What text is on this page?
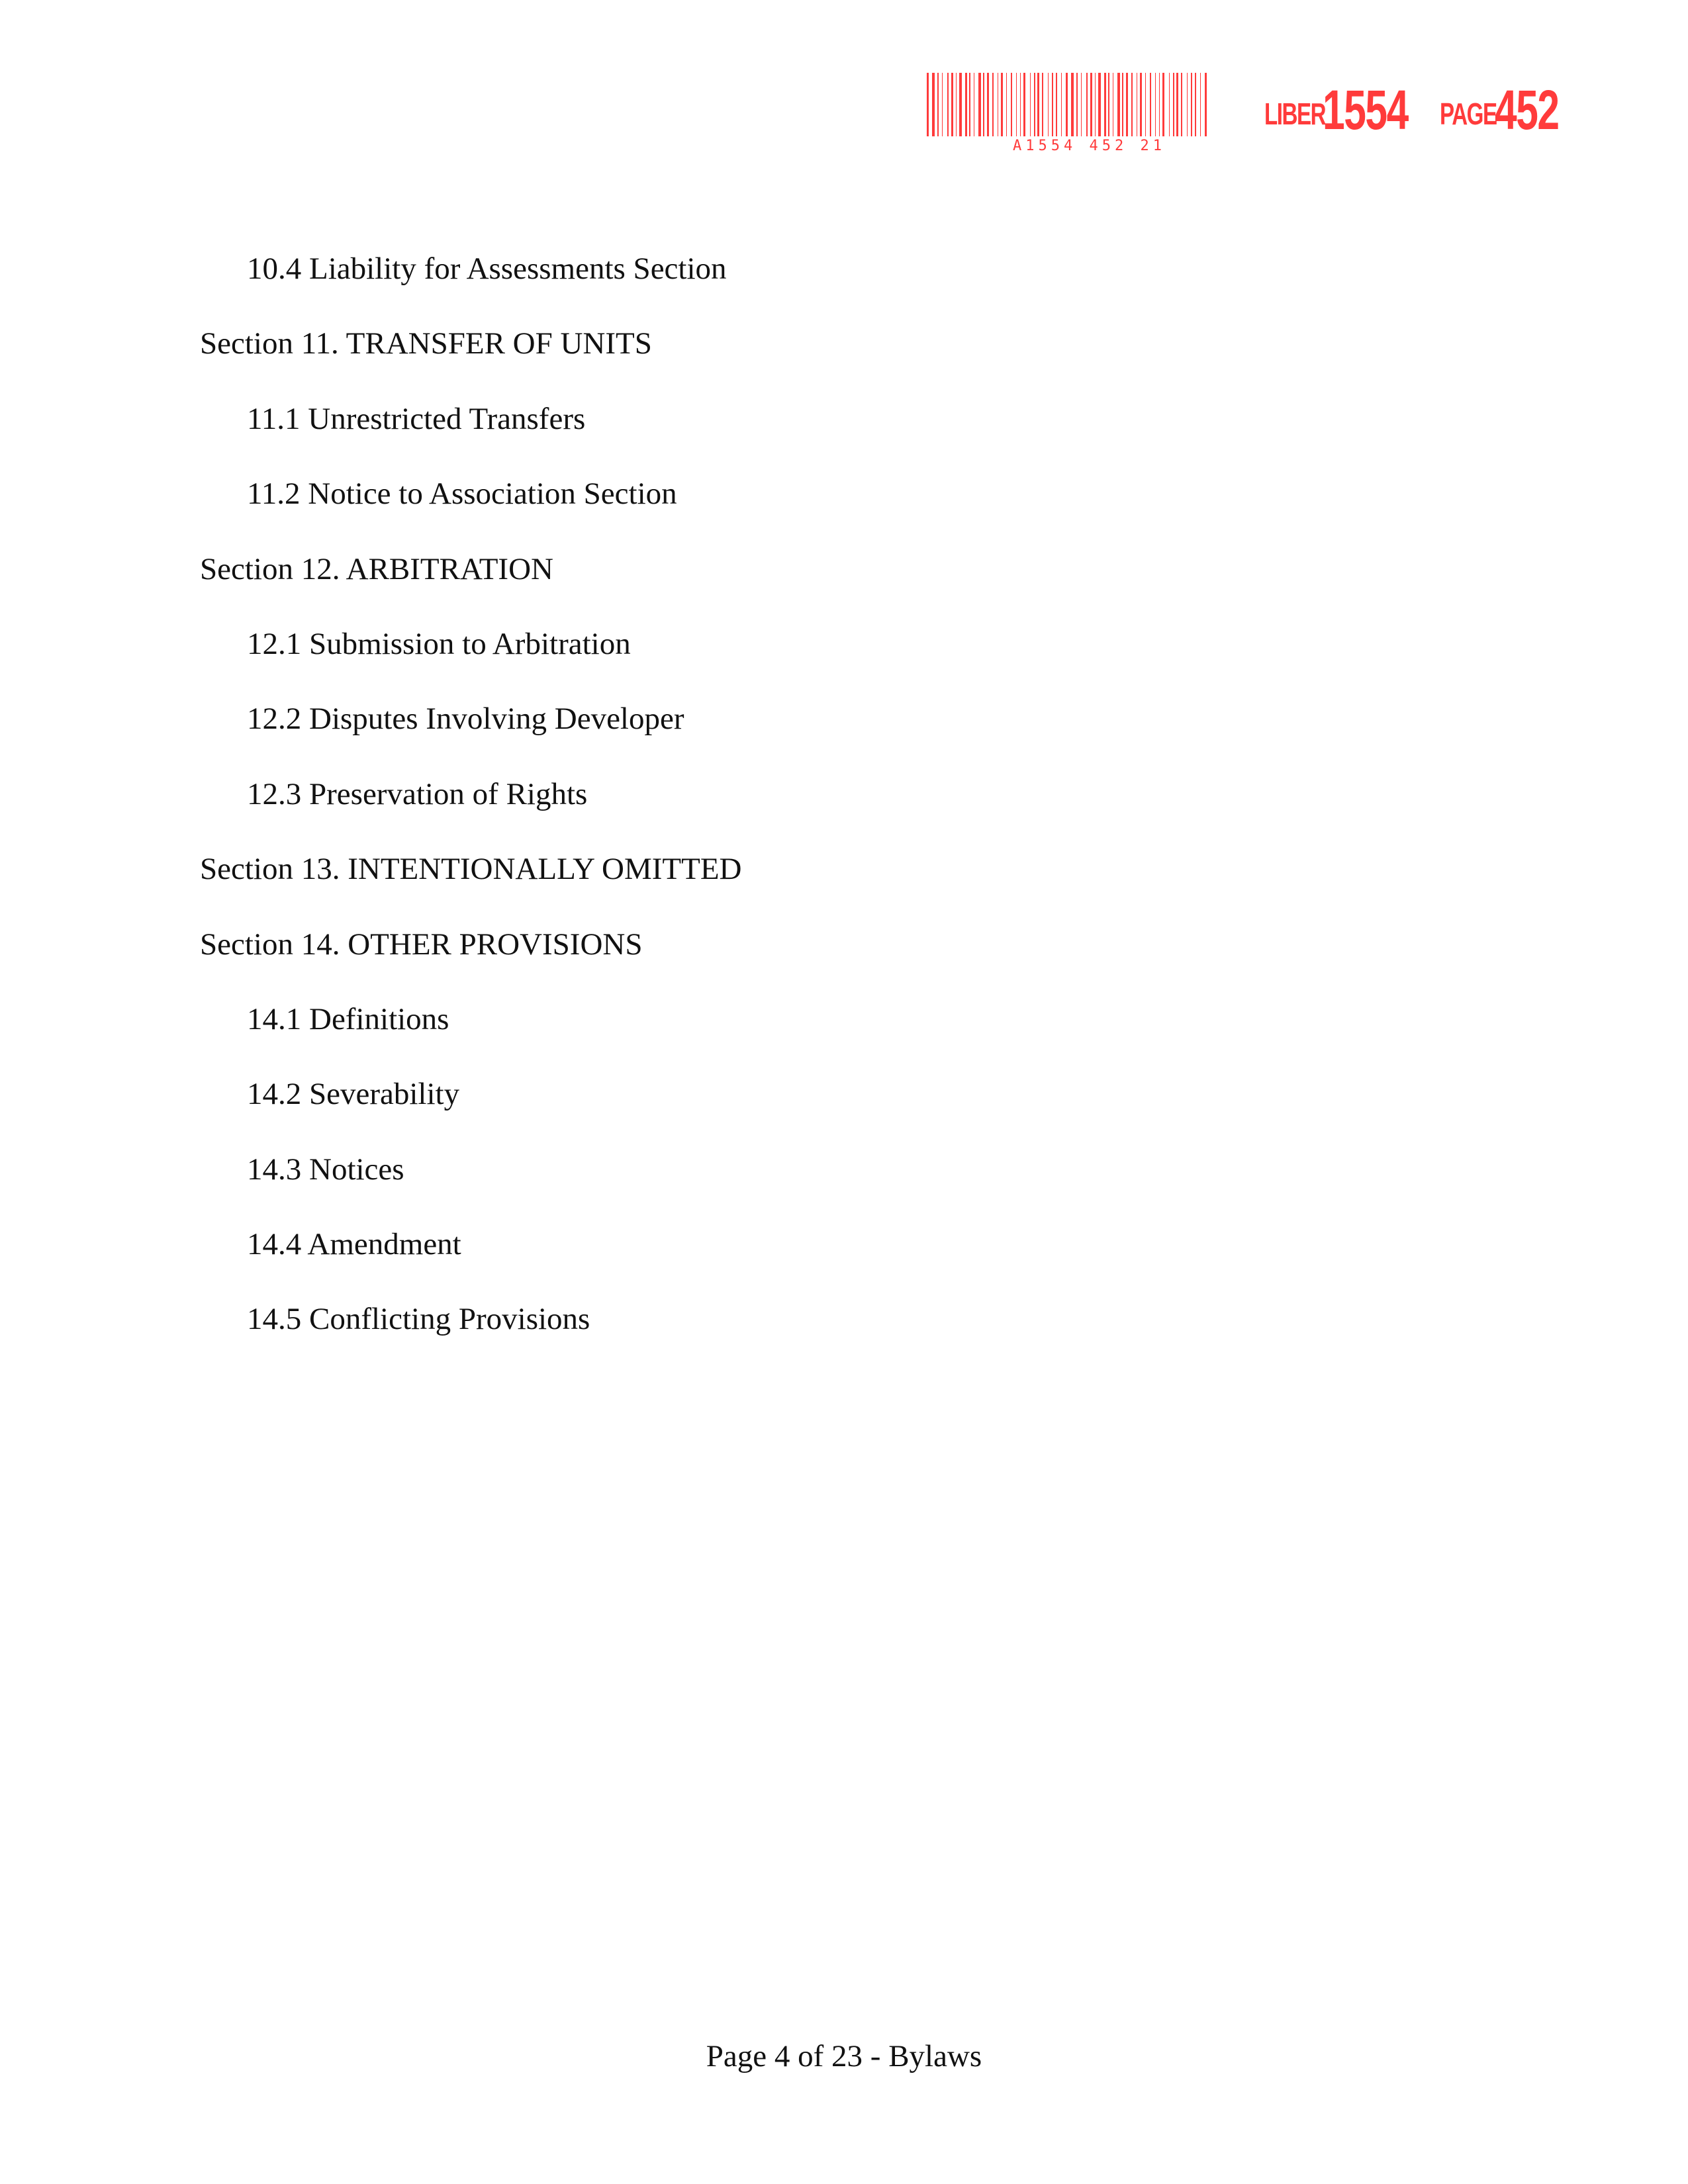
A1554 452 21
LIBER
1554 PAGE
452
10.4 Liability for Assessments Section
Section 11. TRANSFER OF UNITS
11.1 Unrestricted Transfers
11.2 Notice to Association Section
Section 12. ARBITRATION
12.1 Submission to Arbitration
12.2 Disputes Involving Developer
12.3 Preservation of Rights
Section 13. INTENTIONALLY OMITTED
Section 14. OTHER PROVISIONS
14.1 Definitions
14.2 Severability
14.3 Notices
14.4 Amendment
14.5 Conflicting Provisions
Page 4 of 23 - Bylaws
